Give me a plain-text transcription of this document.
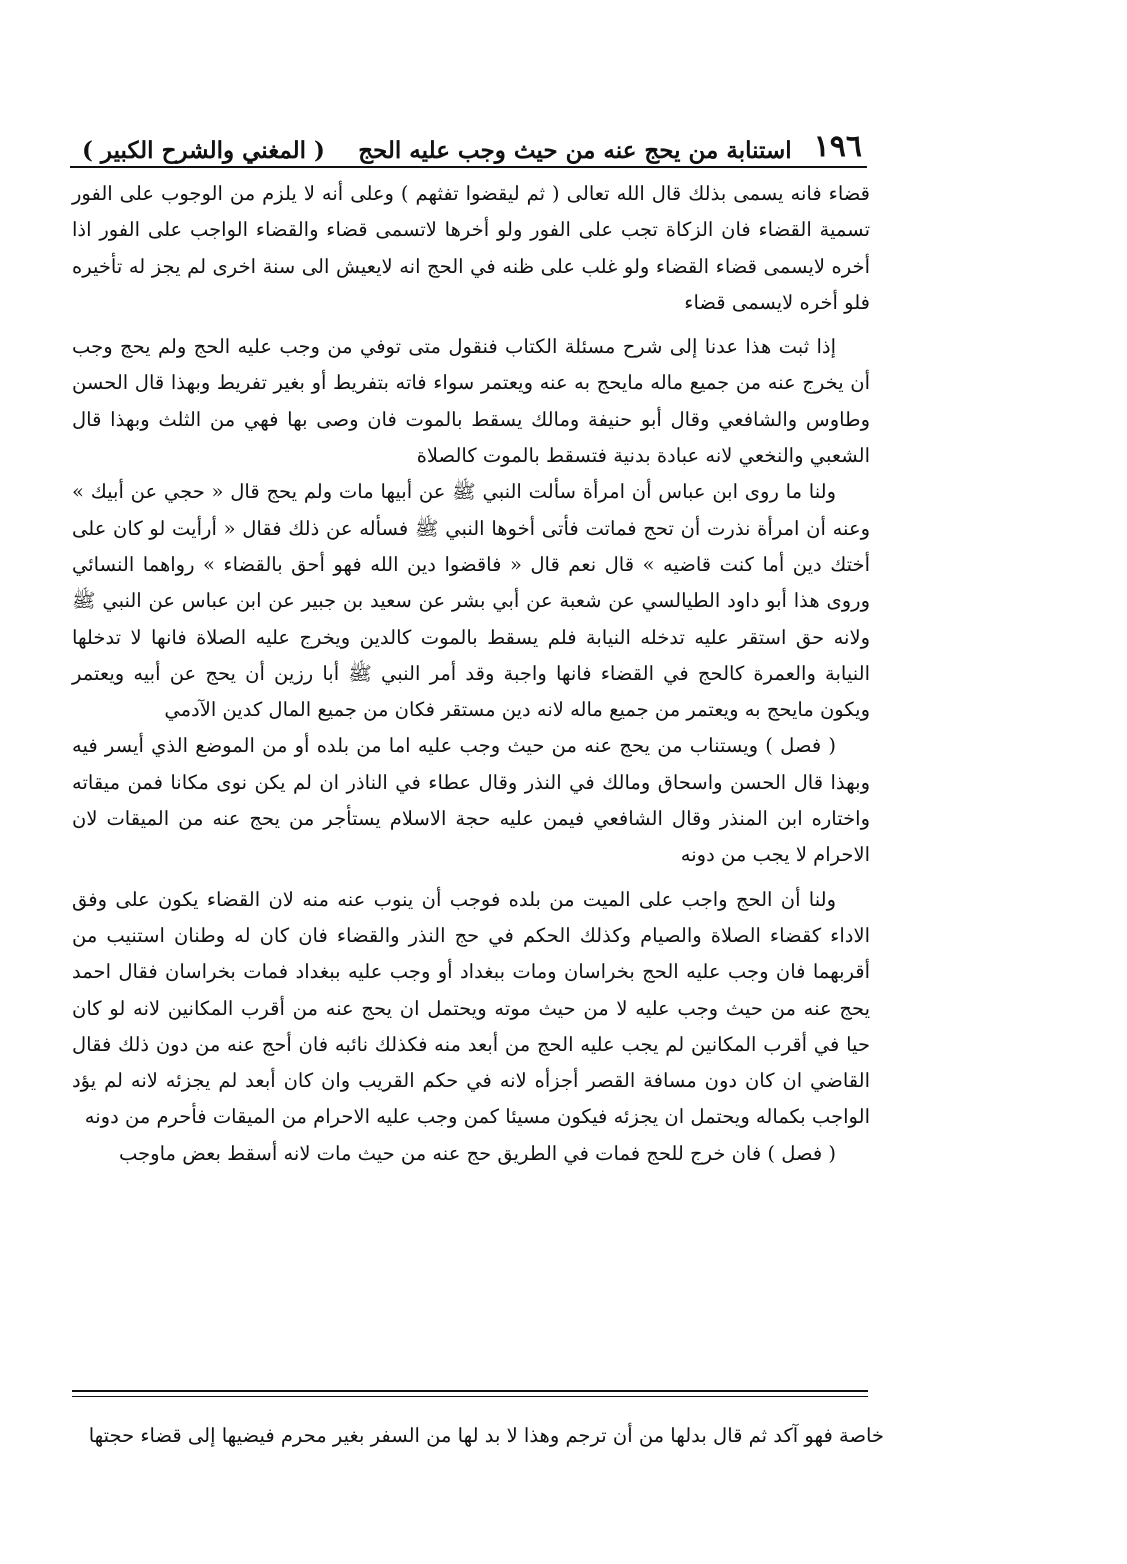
١٩٦
استنابة من يحج عنه من حيث وجب عليه الحج
( المغني والشرح الكبير )

قضاء فانه يسمى بذلك قال الله تعالى ( ثم ليقضوا تفثهم ) وعلى أنه لا يلزم من الوجوب على الفور تسمية القضاء فان الزكاة تجب على الفور ولو أخرها لاتسمى قضاء والقضاء الواجب على الفور اذا أخره لايسمى قضاء القضاء ولو غلب على ظنه في الحج انه لايعيش الى سنة اخرى لم يجز له تأخيره فلو أخره لايسمى قضاء

إذا ثبت هذا عدنا إلى شرح مسئلة الكتاب فنقول متى توفي من وجب عليه الحج ولم يحج وجب أن يخرج عنه من جميع ماله مايحج به عنه ويعتمر سواء فاته بتفريط أو بغير تفريط وبهذا قال الحسن وطاوس والشافعي وقال أبو حنيفة ومالك يسقط بالموت فان وصى بها فهي من الثلث وبهذا قال الشعبي والنخعي لانه عبادة بدنية فتسقط بالموت كالصلاة

ولنا ما روى ابن عباس أن امرأة سألت النبي ﷺ عن أبيها مات ولم يحج قال « حجي عن أبيك » وعنه أن امرأة نذرت أن تحج فماتت فأتى أخوها النبي ﷺ فسأله عن ذلك فقال « أرأيت لو كان على أختك دين أما كنت قاضيه » قال نعم قال « فاقضوا دين الله فهو أحق بالقضاء » رواهما النسائي وروى هذا أبو داود الطيالسي عن شعبة عن أبي بشر عن سعيد بن جبير عن ابن عباس عن النبي ﷺ ولانه حق استقر عليه تدخله النيابة فلم يسقط بالموت كالدين ويخرج عليه الصلاة فانها لا تدخلها النيابة والعمرة كالحج في القضاء فانها واجبة وقد أمر النبي ﷺ أبا رزين أن يحج عن أبيه ويعتمر ويكون مايحج به ويعتمر من جميع ماله لانه دين مستقر فكان من جميع المال كدين الآدمي

( فصل ) ويستناب من يحج عنه من حيث وجب عليه اما من بلده أو من الموضع الذي أيسر فيه وبهذا قال الحسن واسحاق ومالك في النذر وقال عطاء في الناذر ان لم يكن نوى مكانا فمن ميقاته واختاره ابن المنذر وقال الشافعي فيمن عليه حجة الاسلام يستأجر من يحج عنه من الميقات لان الاحرام لا يجب من دونه

ولنا أن الحج واجب على الميت من بلده فوجب أن ينوب عنه منه لان القضاء يكون على وفق الاداء كقضاء الصلاة والصيام وكذلك الحكم في حج النذر والقضاء فان كان له وطنان استنيب من أقربهما فان وجب عليه الحج بخراسان ومات ببغداد أو وجب عليه ببغداد فمات بخراسان فقال احمد يحج عنه من حيث وجب عليه لا من حيث موته ويحتمل ان يحج عنه من أقرب المكانين لانه لو كان حيا في أقرب المكانين لم يجب عليه الحج من أبعد منه فكذلك نائبه فان أحج عنه من دون ذلك فقال القاضي ان كان دون مسافة القصر أجزأه لانه في حكم القريب وان كان أبعد لم يجزئه لانه لم يؤد الواجب بكماله ويحتمل ان يجزئه فيكون مسيئا كمن وجب عليه الاحرام من الميقات فأحرم من دونه

( فصل ) فان خرج للحج فمات في الطريق حج عنه من حيث مات لانه أسقط بعض ماوجب

خاصة فهو آكد ثم قال بدلها من أن ترجم وهذا لا بد لها من السفر بغير محرم فيضيها إلى قضاء حجتها
